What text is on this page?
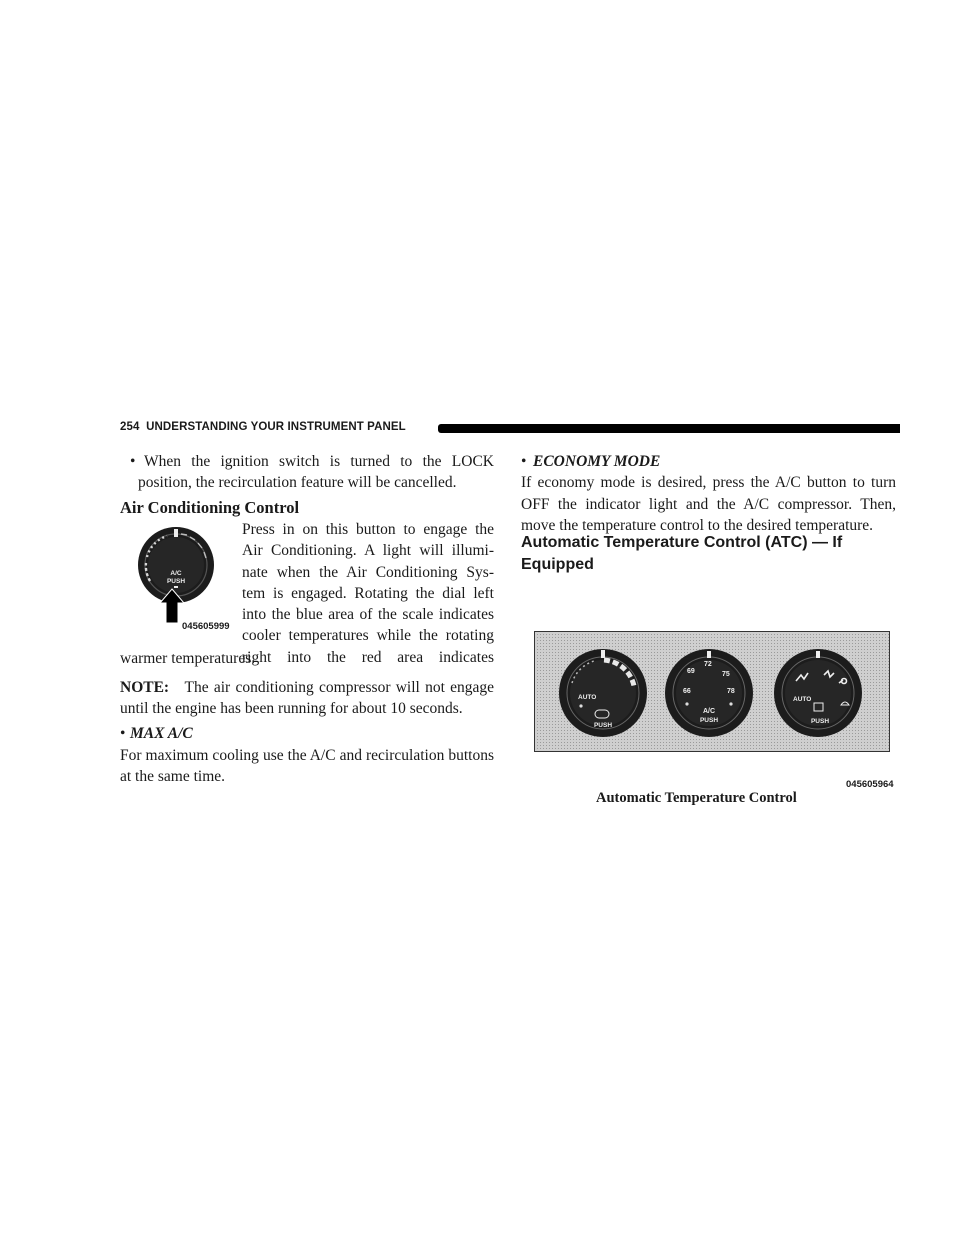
254 UNDERSTANDING YOUR INSTRUMENT PANEL

• When the ignition switch is turned to the LOCK position, the recirculation feature will be cancelled.

Air Conditioning Control

Press in on this button to engage the
Air Conditioning. A light will illumi-
nate when the Air Conditioning Sys-
tem is engaged. Rotating the dial left
into the blue area of the scale indicates
cooler temperatures while the rotating
right into the red area indicates

warmer temperatures.

A/C
PUSH
045605999

NOTE: The air conditioning compressor will not engage until the engine has been running for about 10 seconds.

• MAX A/C

For maximum cooling use the A/C and recirculation buttons at the same time.

• ECONOMY MODE

If economy mode is desired, press the A/C button to turn OFF the indicator light and the A/C compressor. Then, move the temperature control to the desired temperature.

Automatic Temperature Control (ATC) — If Equipped

AUTO
PUSH
66
69
72
75
78
A/C
PUSH
AUTO
PUSH
045605964
Automatic Temperature Control
